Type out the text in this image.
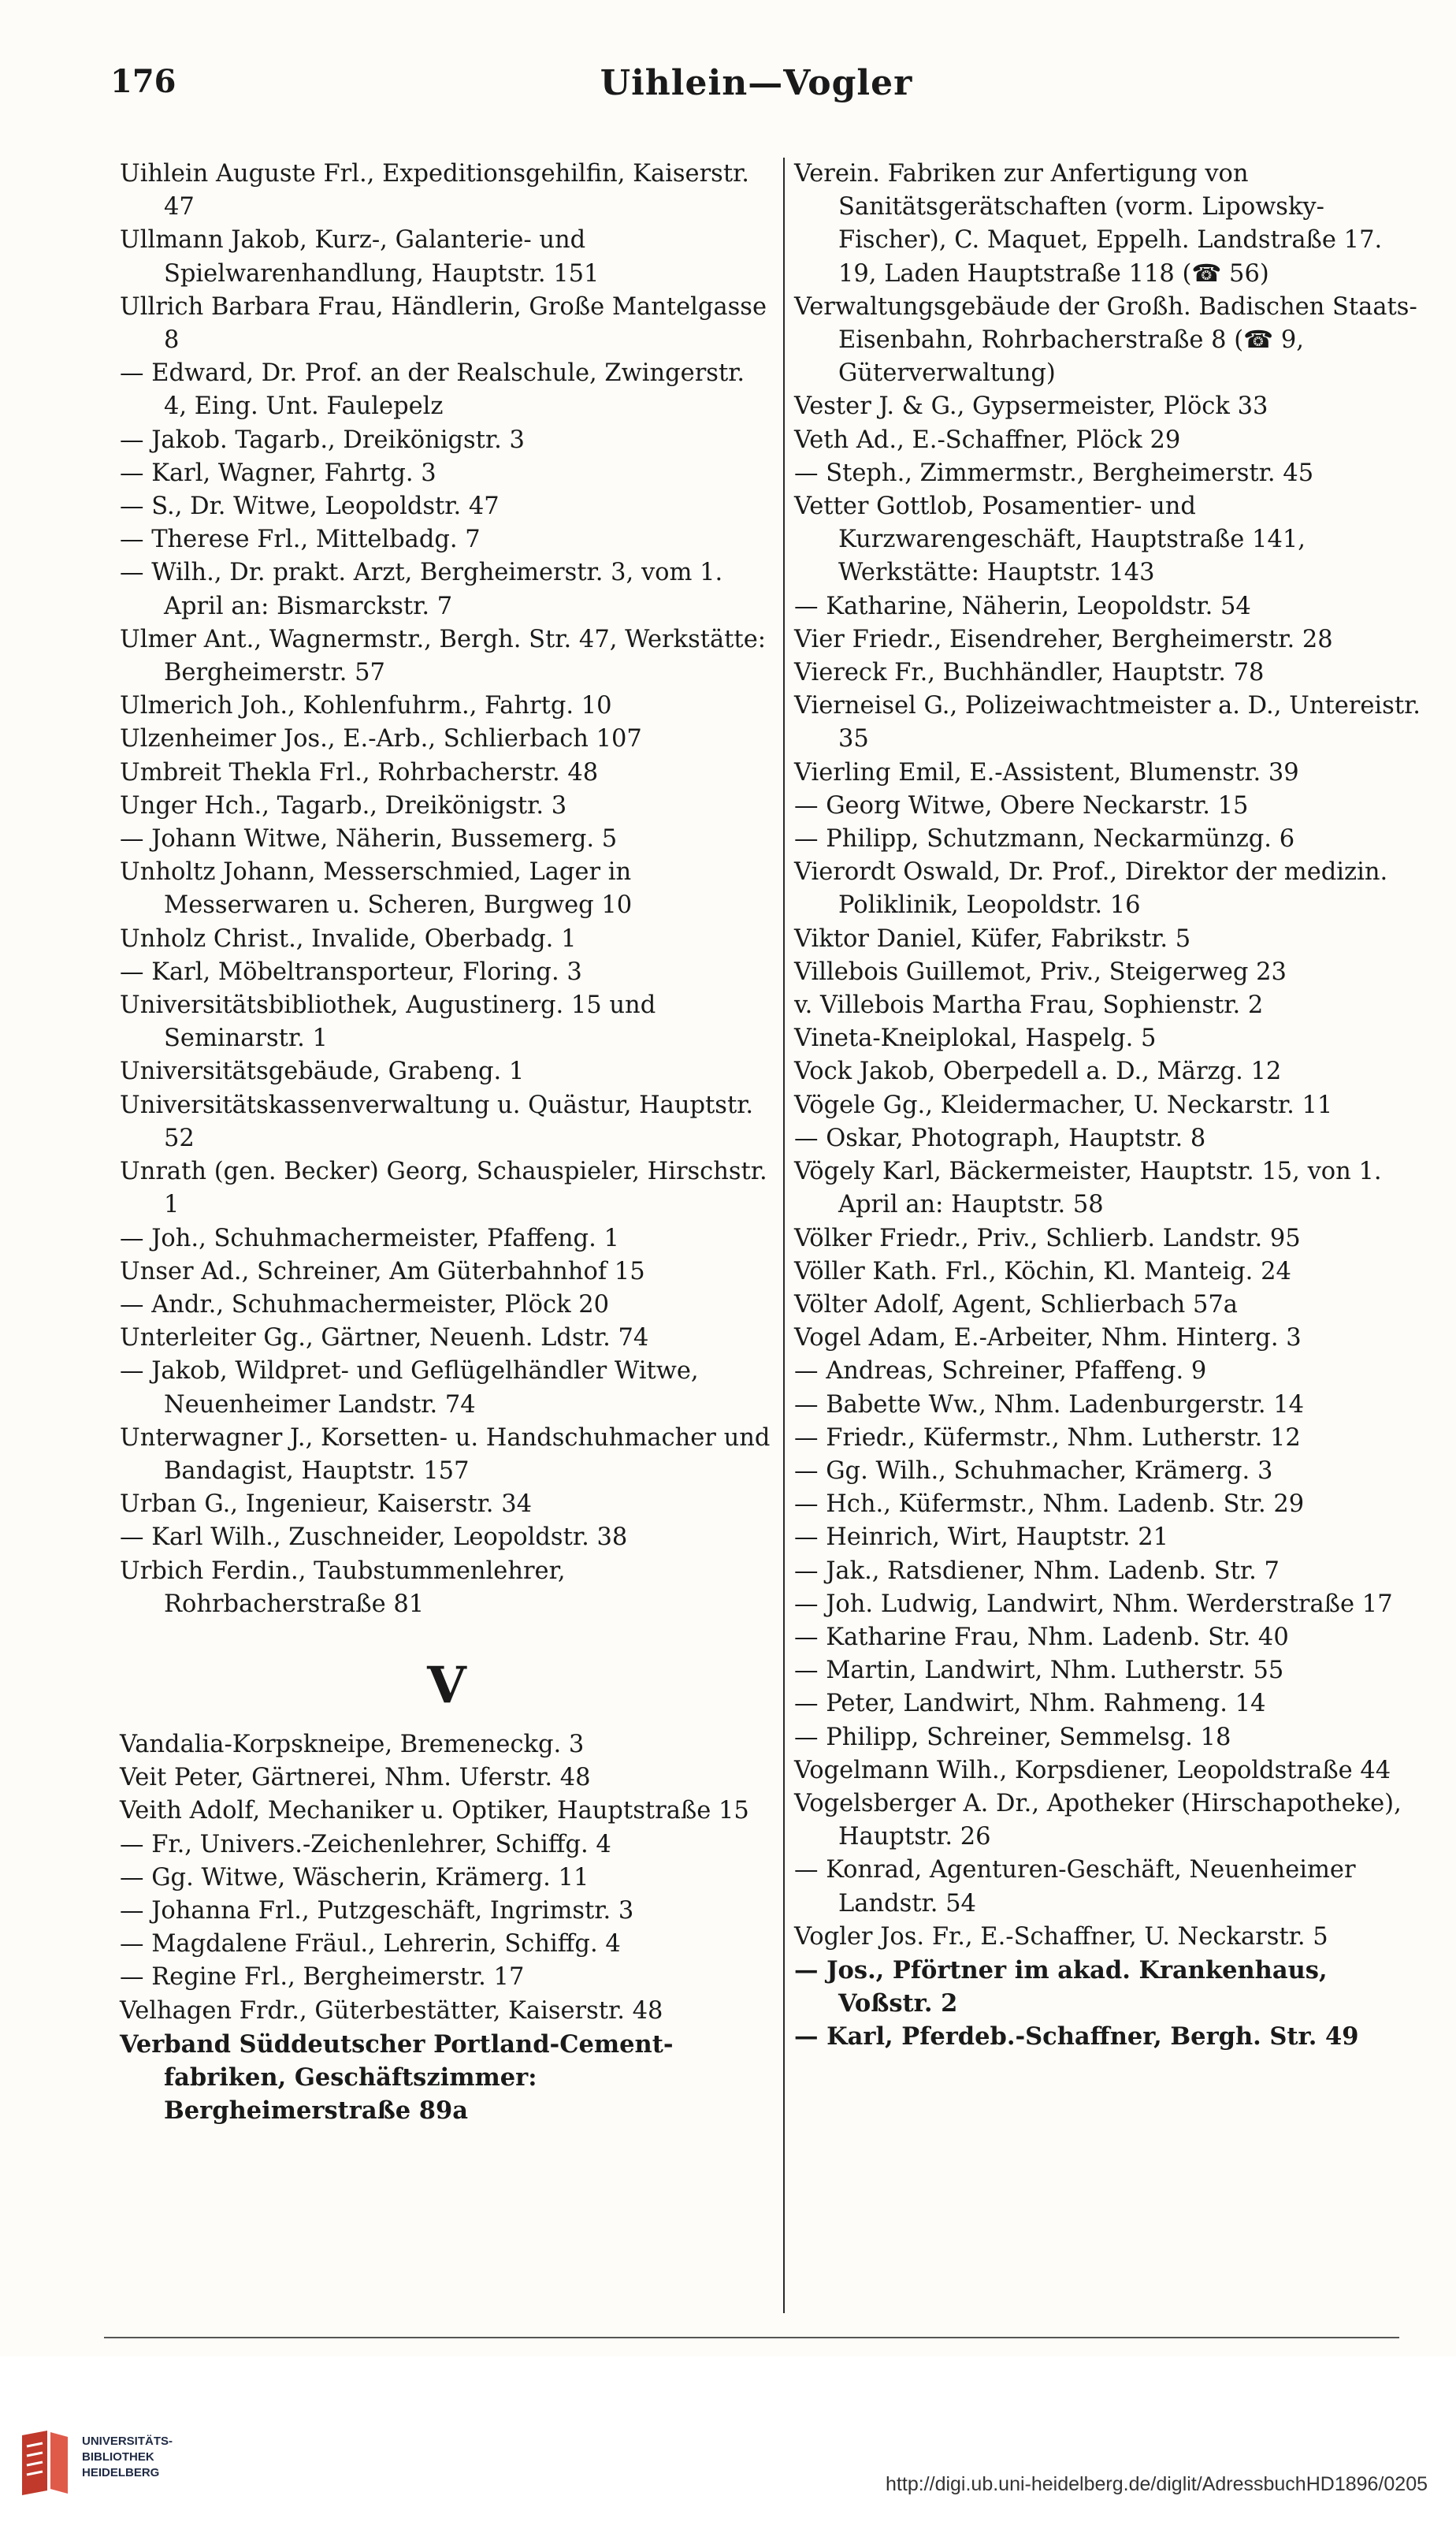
176	Uihlein—Vogler
Uihlein Auguste Frl., Expeditionsgehilfin, Kaiserstr. 47
Ullmann Jakob, Kurz-, Galanterie- und Spielwarenhandlung, Hauptstr. 151
Ullrich Barbara Frau, Händlerin, Große Mantelgasse 8
— Edward, Dr. Prof. an der Realschule, Zwingerstr. 4, Eing. Unt. Faulepelz
— Jakob. Tagarb., Dreikönigstr. 3
— Karl, Wagner, Fahrtg. 3
— S., Dr. Witwe, Leopoldstr. 47
— Therese Frl., Mittelbadg. 7
— Wilh., Dr. prakt. Arzt, Bergheimerstr. 3, vom 1. April an: Bismarckstr. 7
Ulmer Ant., Wagnermstr., Bergh. Str. 47, Werkstätte: Bergheimerstr. 57
Ulmerich Joh., Kohlenfuhrm., Fahrtg. 10
Ulzenheimer Jos., E.-Arb., Schlierbach 107
Umbreit Thekla Frl., Rohrbacherstr. 48
Unger Hch., Tagarb., Dreikönigstr. 3
— Johann Witwe, Näherin, Bussemerg. 5
Unholtz Johann, Messerschmied, Lager in Messerwaren u. Scheren, Burgweg 10
Unholz Christ., Invalide, Oberbadg. 1
— Karl, Möbeltransporteur, Floring. 3
Universitätsbibliothek, Augustinerg. 15 und Seminarstr. 1
Universitätsgebäude, Grabeng. 1
Universitätskassenverwaltung u. Quästur, Hauptstr. 52
Unrath (gen. Becker) Georg, Schauspieler, Hirschstr. 1
— Joh., Schuhmachermeister, Pfaffeng. 1
Unser Ad., Schreiner, Am Güterbahnhof 15
— Andr., Schuhmachermeister, Plöck 20
Unterleiter Gg., Gärtner, Neuenh. Ldstr. 74
— Jakob, Wildpret- und Geflügelhändler Witwe, Neuenheimer Landstr. 74
Unterwagner J., Korsetten- u. Handschuhmacher und Bandagist, Hauptstr. 157
Urban G., Ingenieur, Kaiserstr. 34
— Karl Wilh., Zuschneider, Leopoldstr. 38
Urbich Ferdin., Taubstummenlehrer, Rohrbacherstraße 81
V
Vandalia-Korpskneipe, Bremeneckg. 3
Veit Peter, Gärtnerei, Nhm. Uferstr. 48
Veith Adolf, Mechaniker u. Optiker, Hauptstraße 15
— Fr., Univers.-Zeichenlehrer, Schiffg. 4
— Gg. Witwe, Wäscherin, Krämerg. 11
— Johanna Frl., Putzgeschäft, Ingrimstr. 3
— Magdalene Fräul., Lehrerin, Schiffg. 4
— Regine Frl., Bergheimerstr. 17
Velhagen Frdr., Güterbestätter, Kaiserstr. 48
Verband Süddeutscher Portland-Cement-fabriken, Geschäftszimmer: Bergheimerstraße 89a
Verein. Fabriken zur Anfertigung von Sanitätsgerätschaften (vorm. Lipowsky-Fischer), C. Maquet, Eppelh. Landstraße 17. 19, Laden Hauptstraße 118 (☎ 56)
Verwaltungsgebäude der Großh. Badischen Staats-Eisenbahn, Rohrbacherstraße 8 (☎ 9, Güterverwaltung)
Vester J. & G., Gypsermeister, Plöck 33
Veth Ad., E.-Schaffner, Plöck 29
— Steph., Zimmermstr., Bergheimerstr. 45
Vetter Gottlob, Posamentier- und Kurzwarengeschäft, Hauptstraße 141, Werkstätte: Hauptstr. 143
— Katharine, Näherin, Leopoldstr. 54
Vier Friedr., Eisendreher, Bergheimerstr. 28
Viereck Fr., Buchhändler, Hauptstr. 78
Vierneisel G., Polizeiwachtmeister a. D., Untereistr. 35
Vierling Emil, E.-Assistent, Blumenstr. 39
— Georg Witwe, Obere Neckarstr. 15
— Philipp, Schutzmann, Neckarmünzg. 6
Vierordt Oswald, Dr. Prof., Direktor der medizin. Poliklinik, Leopoldstr. 16
Viktor Daniel, Küfer, Fabrikstr. 5
Villebois Guillemot, Priv., Steigerweg 23
v. Villebois Martha Frau, Sophienstr. 2
Vineta-Kneiplokal, Haspelg. 5
Vock Jakob, Oberpedell a. D., Märzg. 12
Vögele Gg., Kleidermacher, U. Neckarstr. 11
— Oskar, Photograph, Hauptstr. 8
Vögely Karl, Bäckermeister, Hauptstr. 15, von 1. April an: Hauptstr. 58
Völker Friedr., Priv., Schlierb. Landstr. 95
Völler Kath. Frl., Köchin, Kl. Manteig. 24
Völter Adolf, Agent, Schlierbach 57a
Vogel Adam, E.-Arbeiter, Nhm. Hinterg. 3
— Andreas, Schreiner, Pfaffeng. 9
— Babette Ww., Nhm. Ladenburgerstr. 14
— Friedr., Küfermstr., Nhm. Lutherstr. 12
— Gg. Wilh., Schuhmacher, Krämerg. 3
— Hch., Küfermstr., Nhm. Ladenb. Str. 29
— Heinrich, Wirt, Hauptstr. 21
— Jak., Ratsdiener, Nhm. Ladenb. Str. 7
— Joh. Ludwig, Landwirt, Nhm. Werderstraße 17
— Katharine Frau, Nhm. Ladenb. Str. 40
— Martin, Landwirt, Nhm. Lutherstr. 55
— Peter, Landwirt, Nhm. Rahmeng. 14
— Philipp, Schreiner, Semmelsg. 18
Vogelmann Wilh., Korpsdiener, Leopoldstraße 44
Vogelsberger A. Dr., Apotheker (Hirschapotheke), Hauptstr. 26
— Konrad, Agenturen-Geschäft, Neuenheimer Landstr. 54
Vogler Jos. Fr., E.-Schaffner, U. Neckarstr. 5
— Jos., Pförtner im akad. Krankenhaus, Voßstr. 2
— Karl, Pferdeb.-Schaffner, Bergh. Str. 49
UNIVERSITÄTS-
BIBLIOTHEK
HEIDELBERG
http://digi.ub.uni-heidelberg.de/diglit/AdressbuchHD1896/0205
